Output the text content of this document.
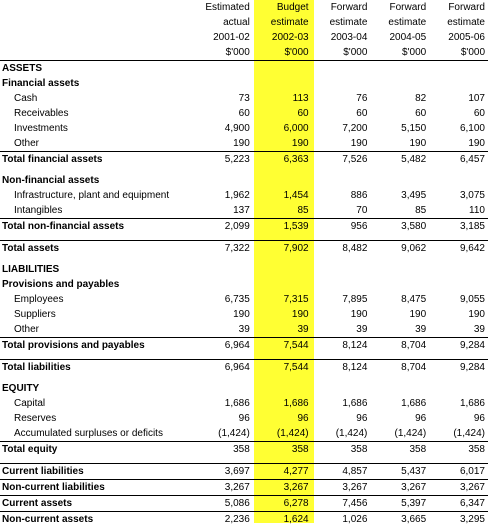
	Estimated	Budget	Forward	Forward	Forward
	actual	estimate	estimate	estimate	estimate
	2001-02	2002-03	2003-04	2004-05	2005-06
	$'000	$'000	$'000	$'000	$'000
ASSETS					
Financial assets					
Cash	73	113	76	82	107
Receivables	60	60	60	60	60
Investments	4,900	6,000	7,200	5,150	6,100
Other	190	190	190	190	190
Total financial assets	5,223	6,363	7,526	5,482	6,457

Non-financial assets					
Infrastructure, plant and equipment	1,962	1,454	886	3,495	3,075
Intangibles	137	85	70	85	110
Total non-financial assets	2,099	1,539	956	3,580	3,185

Total assets	7,322	7,902	8,482	9,062	9,642

LIABILITIES					
Provisions and payables					
Employees	6,735	7,315	7,895	8,475	9,055
Suppliers	190	190	190	190	190
Other	39	39	39	39	39
Total provisions and payables	6,964	7,544	8,124	8,704	9,284

Total liabilities	6,964	7,544	8,124	8,704	9,284

EQUITY					
Capital	1,686	1,686	1,686	1,686	1,686
Reserves	96	96	96	96	96
Accumulated surpluses or deficits	(1,424)	(1,424)	(1,424)	(1,424)	(1,424)
Total equity	358	358	358	358	358

Current liabilities	3,697	4,277	4,857	5,437	6,017
Non-current liabilities	3,267	3,267	3,267	3,267	3,267
Current assets	5,086	6,278	7,456	5,397	6,347
Non-current assets	2,236	1,624	1,026	3,665	3,295
